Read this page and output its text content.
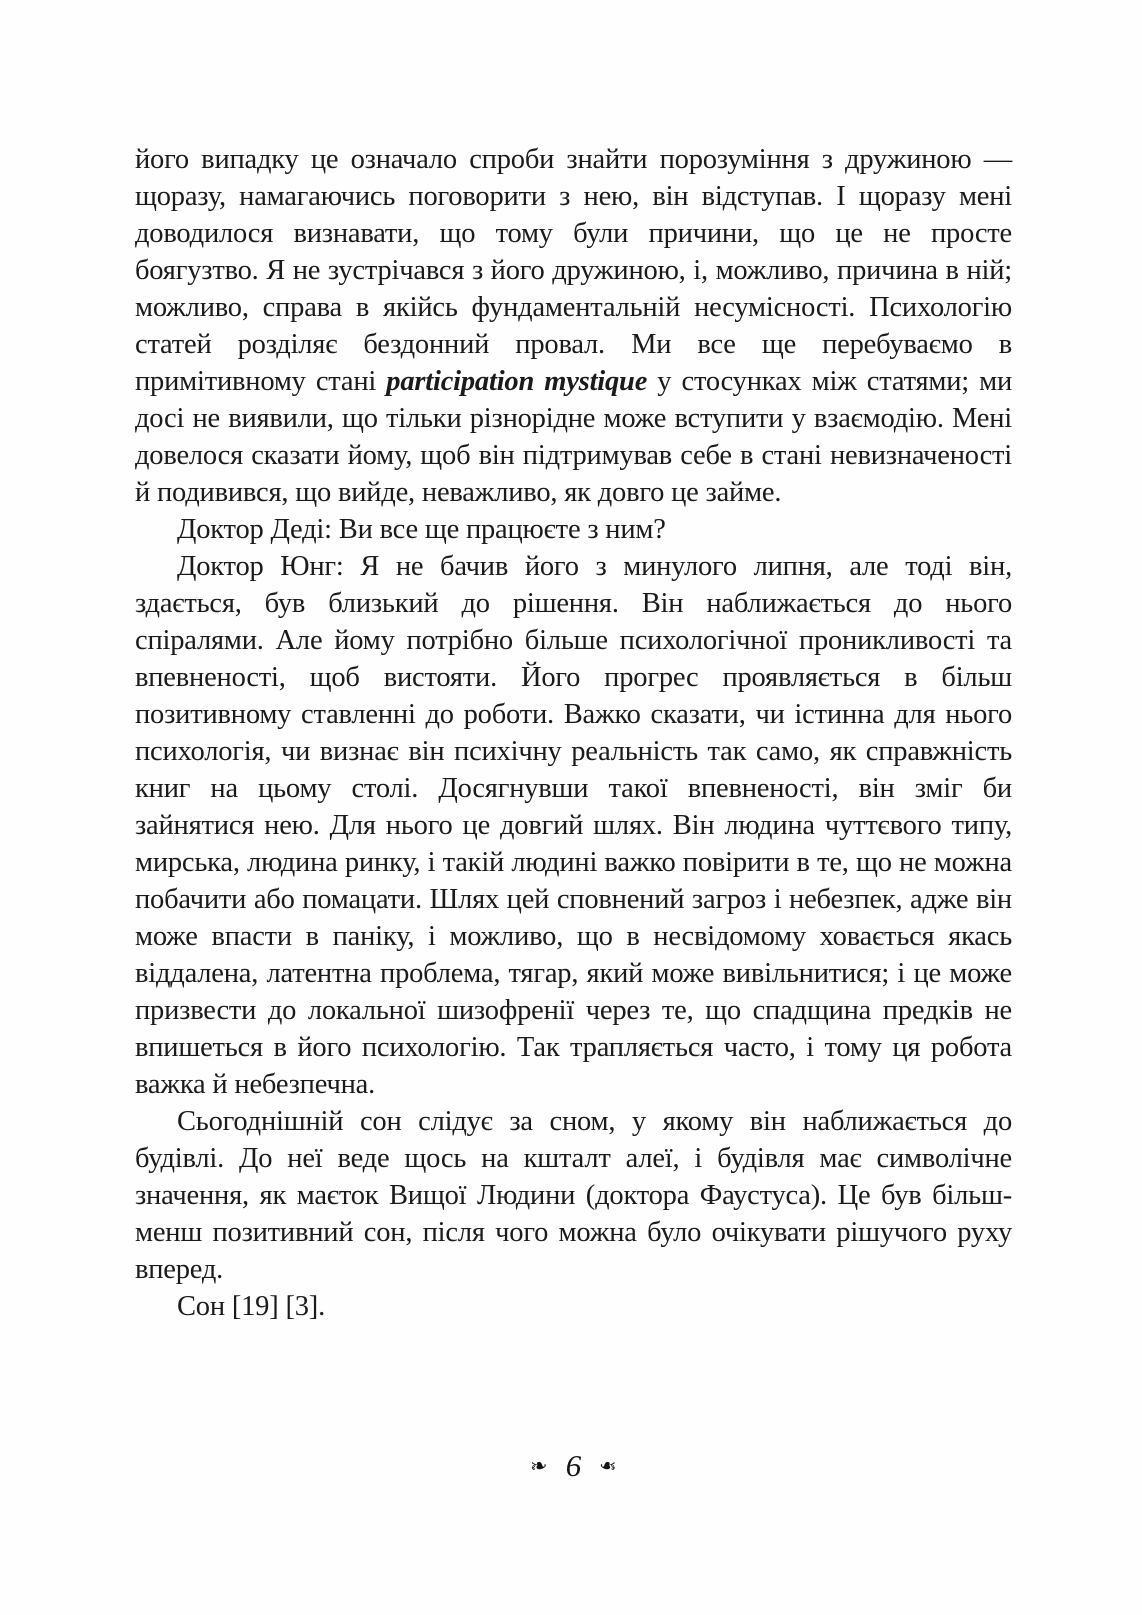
його випадку це означало спроби знайти порозуміння з дружиною — щоразу, намагаючись поговорити з нею, він відступав. І щоразу мені доводилося визнавати, що тому були причини, що це не просте боягузтво. Я не зустрічався з його дружиною, і, можливо, причина в ній; можливо, справа в якійсь фундаментальній несумісності. Психологію статей розділяє бездонний провал. Ми все ще перебуваємо в примітивному стані participation mystique у стосунках між статями; ми досі не виявили, що тільки різнорідне може вступити у взаємодію. Мені довелося сказати йому, щоб він підтримував себе в стані невизначеності й подивився, що вийде, неважливо, як довго це займе.

Доктор Деді: Ви все ще працюєте з ним?

Доктор Юнг: Я не бачив його з минулого липня, але тоді він, здається, був близький до рішення. Він наближається до нього спіралями. Але йому потрібно більше психологічної проникливості та впевненості, щоб вистояти. Його прогрес проявляється в більш позитивному ставленні до роботи. Важко сказати, чи істинна для нього психологія, чи визнає він психічну реальність так само, як справжність книг на цьому столі. Досягнувши такої впевненості, він зміг би зайнятися нею. Для нього це довгий шлях. Він людина чуттєвого типу, мирська, людина ринку, і такій людині важко повірити в те, що не можна побачити або помацати. Шлях цей сповнений загроз і небезпек, адже він може впасти в паніку, і можливо, що в несвідомому ховається якась віддалена, латентна проблема, тягар, який може вивільнитися; і це може призвести до локальної шизофренії через те, що спадщина предків не впишеться в його психологію. Так трапляється часто, і тому ця робота важка й небезпечна.

Сьогоднішній сон слідує за сном, у якому він наближається до будівлі. До неї веде щось на кшталт алеї, і будівля має символічне значення, як маєток Вищої Людини (доктора Фаустуса). Це був більш-менш позитивний сон, після чого можна було очікувати рішучого руху вперед.

Сон [19] [3].

❧ 6 ❧
